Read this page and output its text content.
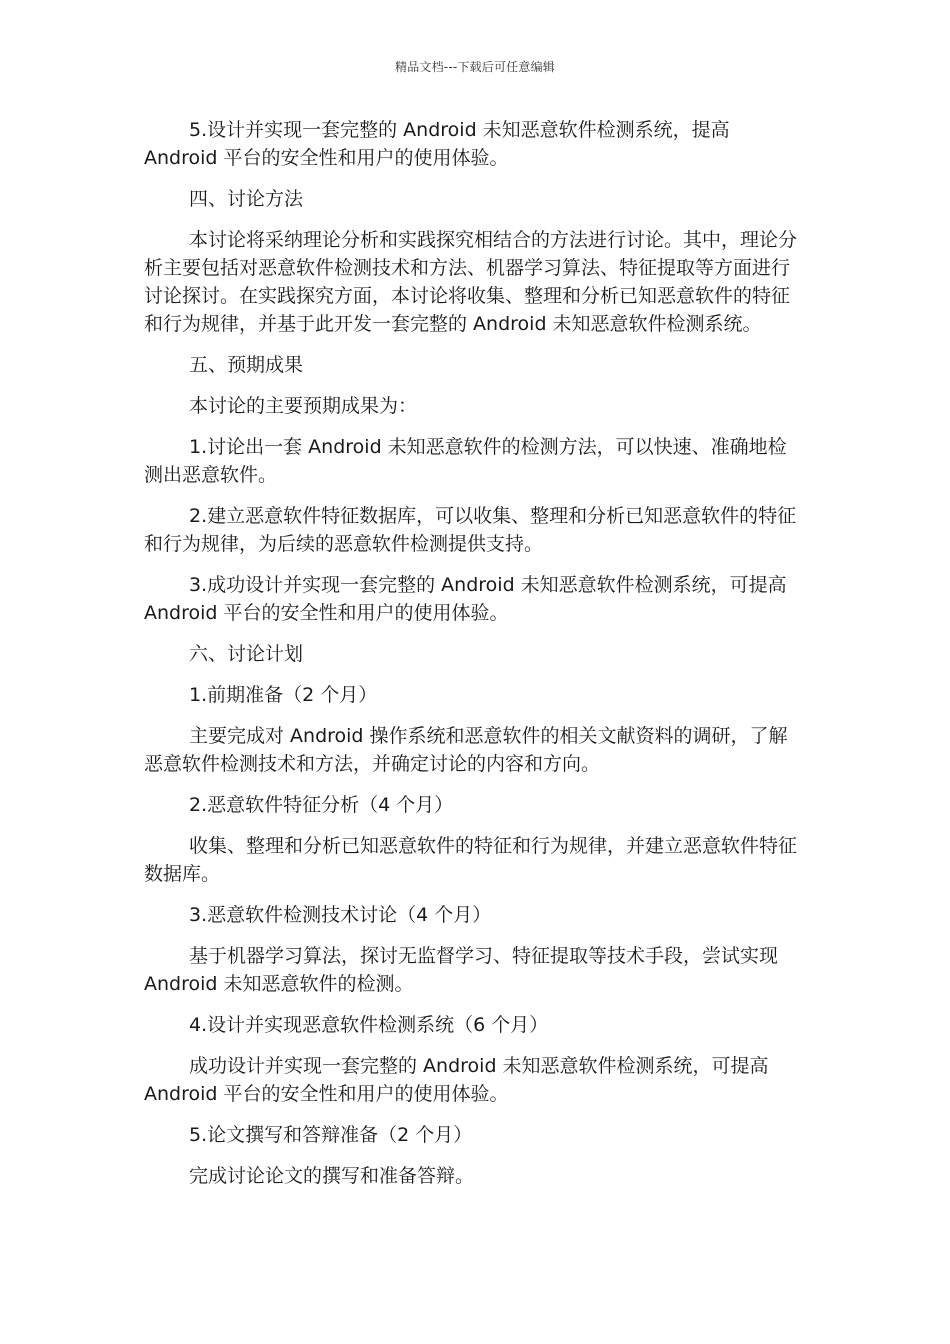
精品文档---下载后可任意编辑

5.设计并实现一套完整的 Android 未知恶意软件检测系统，提高 Android 平台的安全性和用户的使用体验。

四、讨论方法

本讨论将采纳理论分析和实践探究相结合的方法进行讨论。其中，理论分析主要包括对恶意软件检测技术和方法、机器学习算法、特征提取等方面进行讨论探讨。在实践探究方面，本讨论将收集、整理和分析已知恶意软件的特征和行为规律，并基于此开发一套完整的 Android 未知恶意软件检测系统。

五、预期成果

本讨论的主要预期成果为：

1.讨论出一套 Android 未知恶意软件的检测方法，可以快速、准确地检测出恶意软件。

2.建立恶意软件特征数据库，可以收集、整理和分析已知恶意软件的特征和行为规律，为后续的恶意软件检测提供支持。

3.成功设计并实现一套完整的 Android 未知恶意软件检测系统，可提高 Android 平台的安全性和用户的使用体验。

六、讨论计划

1.前期准备（2 个月）

主要完成对 Android 操作系统和恶意软件的相关文献资料的调研，了解恶意软件检测技术和方法，并确定讨论的内容和方向。

2.恶意软件特征分析（4 个月）

收集、整理和分析已知恶意软件的特征和行为规律，并建立恶意软件特征数据库。

3.恶意软件检测技术讨论（4 个月）

基于机器学习算法，探讨无监督学习、特征提取等技术手段，尝试实现 Android 未知恶意软件的检测。

4.设计并实现恶意软件检测系统（6 个月）

成功设计并实现一套完整的 Android 未知恶意软件检测系统，可提高 Android 平台的安全性和用户的使用体验。

5.论文撰写和答辩准备（2 个月）

完成讨论论文的撰写和准备答辩。
